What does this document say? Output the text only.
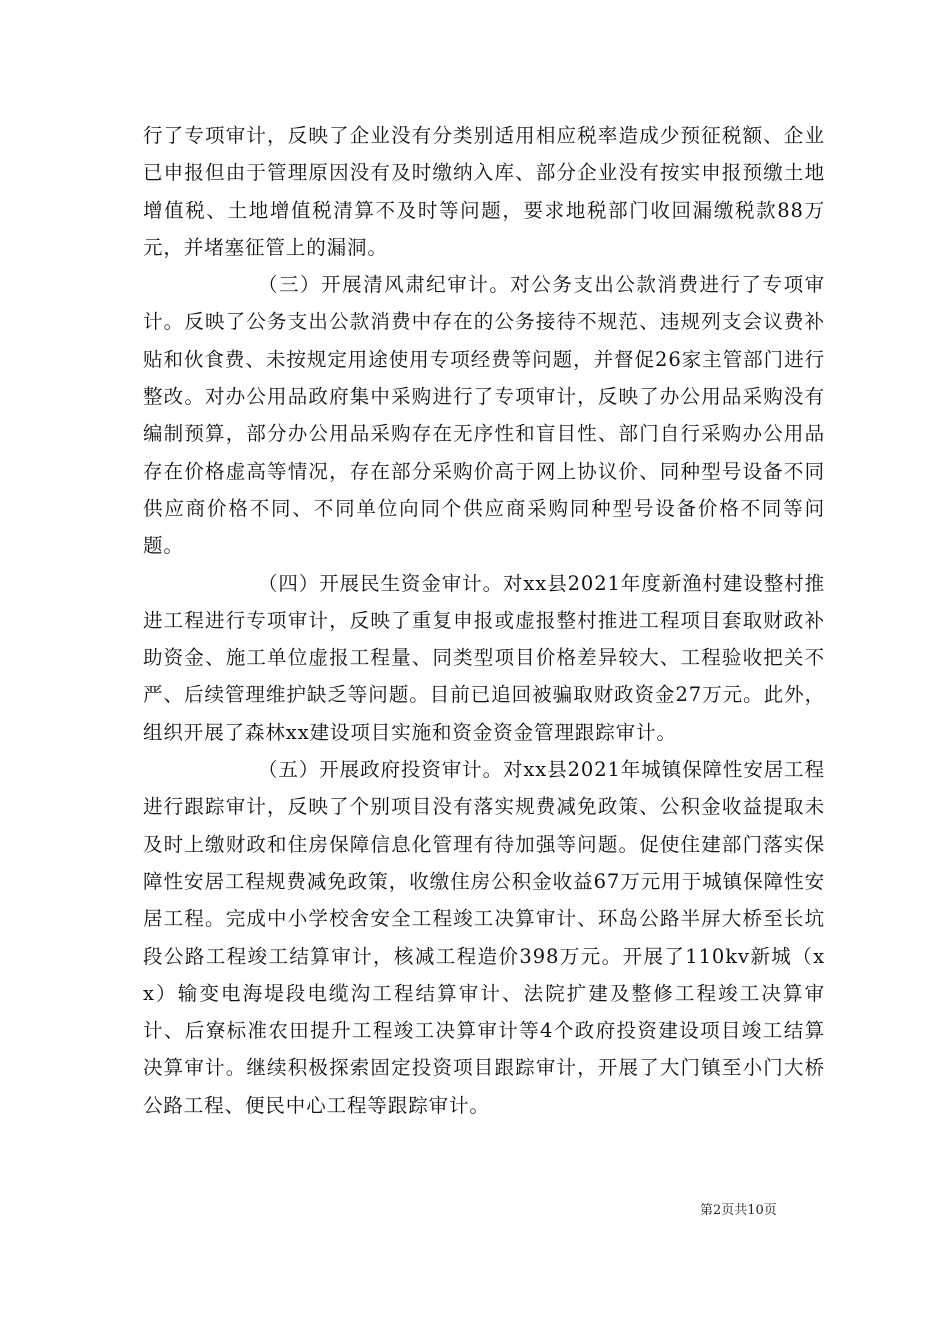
行了专项审计，反映了企业没有分类别适用相应税率造成少预征税额、企业已申报但由于管理原因没有及时缴纳入库、部分企业没有按实申报预缴土地增值税、土地增值税清算不及时等问题，要求地税部门收回漏缴税款88万元，并堵塞征管上的漏洞。

（三）开展清风肃纪审计。对公务支出公款消费进行了专项审计。反映了公务支出公款消费中存在的公务接待不规范、违规列支会议费补贴和伙食费、未按规定用途使用专项经费等问题，并督促26家主管部门进行整改。对办公用品政府集中采购进行了专项审计，反映了办公用品采购没有编制预算，部分办公用品采购存在无序性和盲目性、部门自行采购办公用品存在价格虚高等情况，存在部分采购价高于网上协议价、同种型号设备不同供应商价格不同、不同单位向同个供应商采购同种型号设备价格不同等问题。

（四）开展民生资金审计。对xx县2021年度新渔村建设整村推进工程进行专项审计，反映了重复申报或虚报整村推进工程项目套取财政补助资金、施工单位虚报工程量、同类型项目价格差异较大、工程验收把关不严、后续管理维护缺乏等问题。目前已追回被骗取财政资金27万元。此外，组织开展了森林xx建设项目实施和资金资金管理跟踪审计。

（五）开展政府投资审计。对xx县2021年城镇保障性安居工程进行跟踪审计，反映了个别项目没有落实规费减免政策、公积金收益提取未及时上缴财政和住房保障信息化管理有待加强等问题。促使住建部门落实保障性安居工程规费减免政策，收缴住房公积金收益67万元用于城镇保障性安居工程。完成中小学校舍安全工程竣工决算审计、环岛公路半屏大桥至长坑段公路工程竣工结算审计，核减工程造价398万元。开展了110kv新城（xx）输变电海堤段电缆沟工程结算审计、法院扩建及整修工程竣工决算审计、后寮标准农田提升工程竣工决算审计等4个政府投资建设项目竣工结算决算审计。继续积极探索固定投资项目跟踪审计，开展了大门镇至小门大桥公路工程、便民中心工程等跟踪审计。

第2页共10页
